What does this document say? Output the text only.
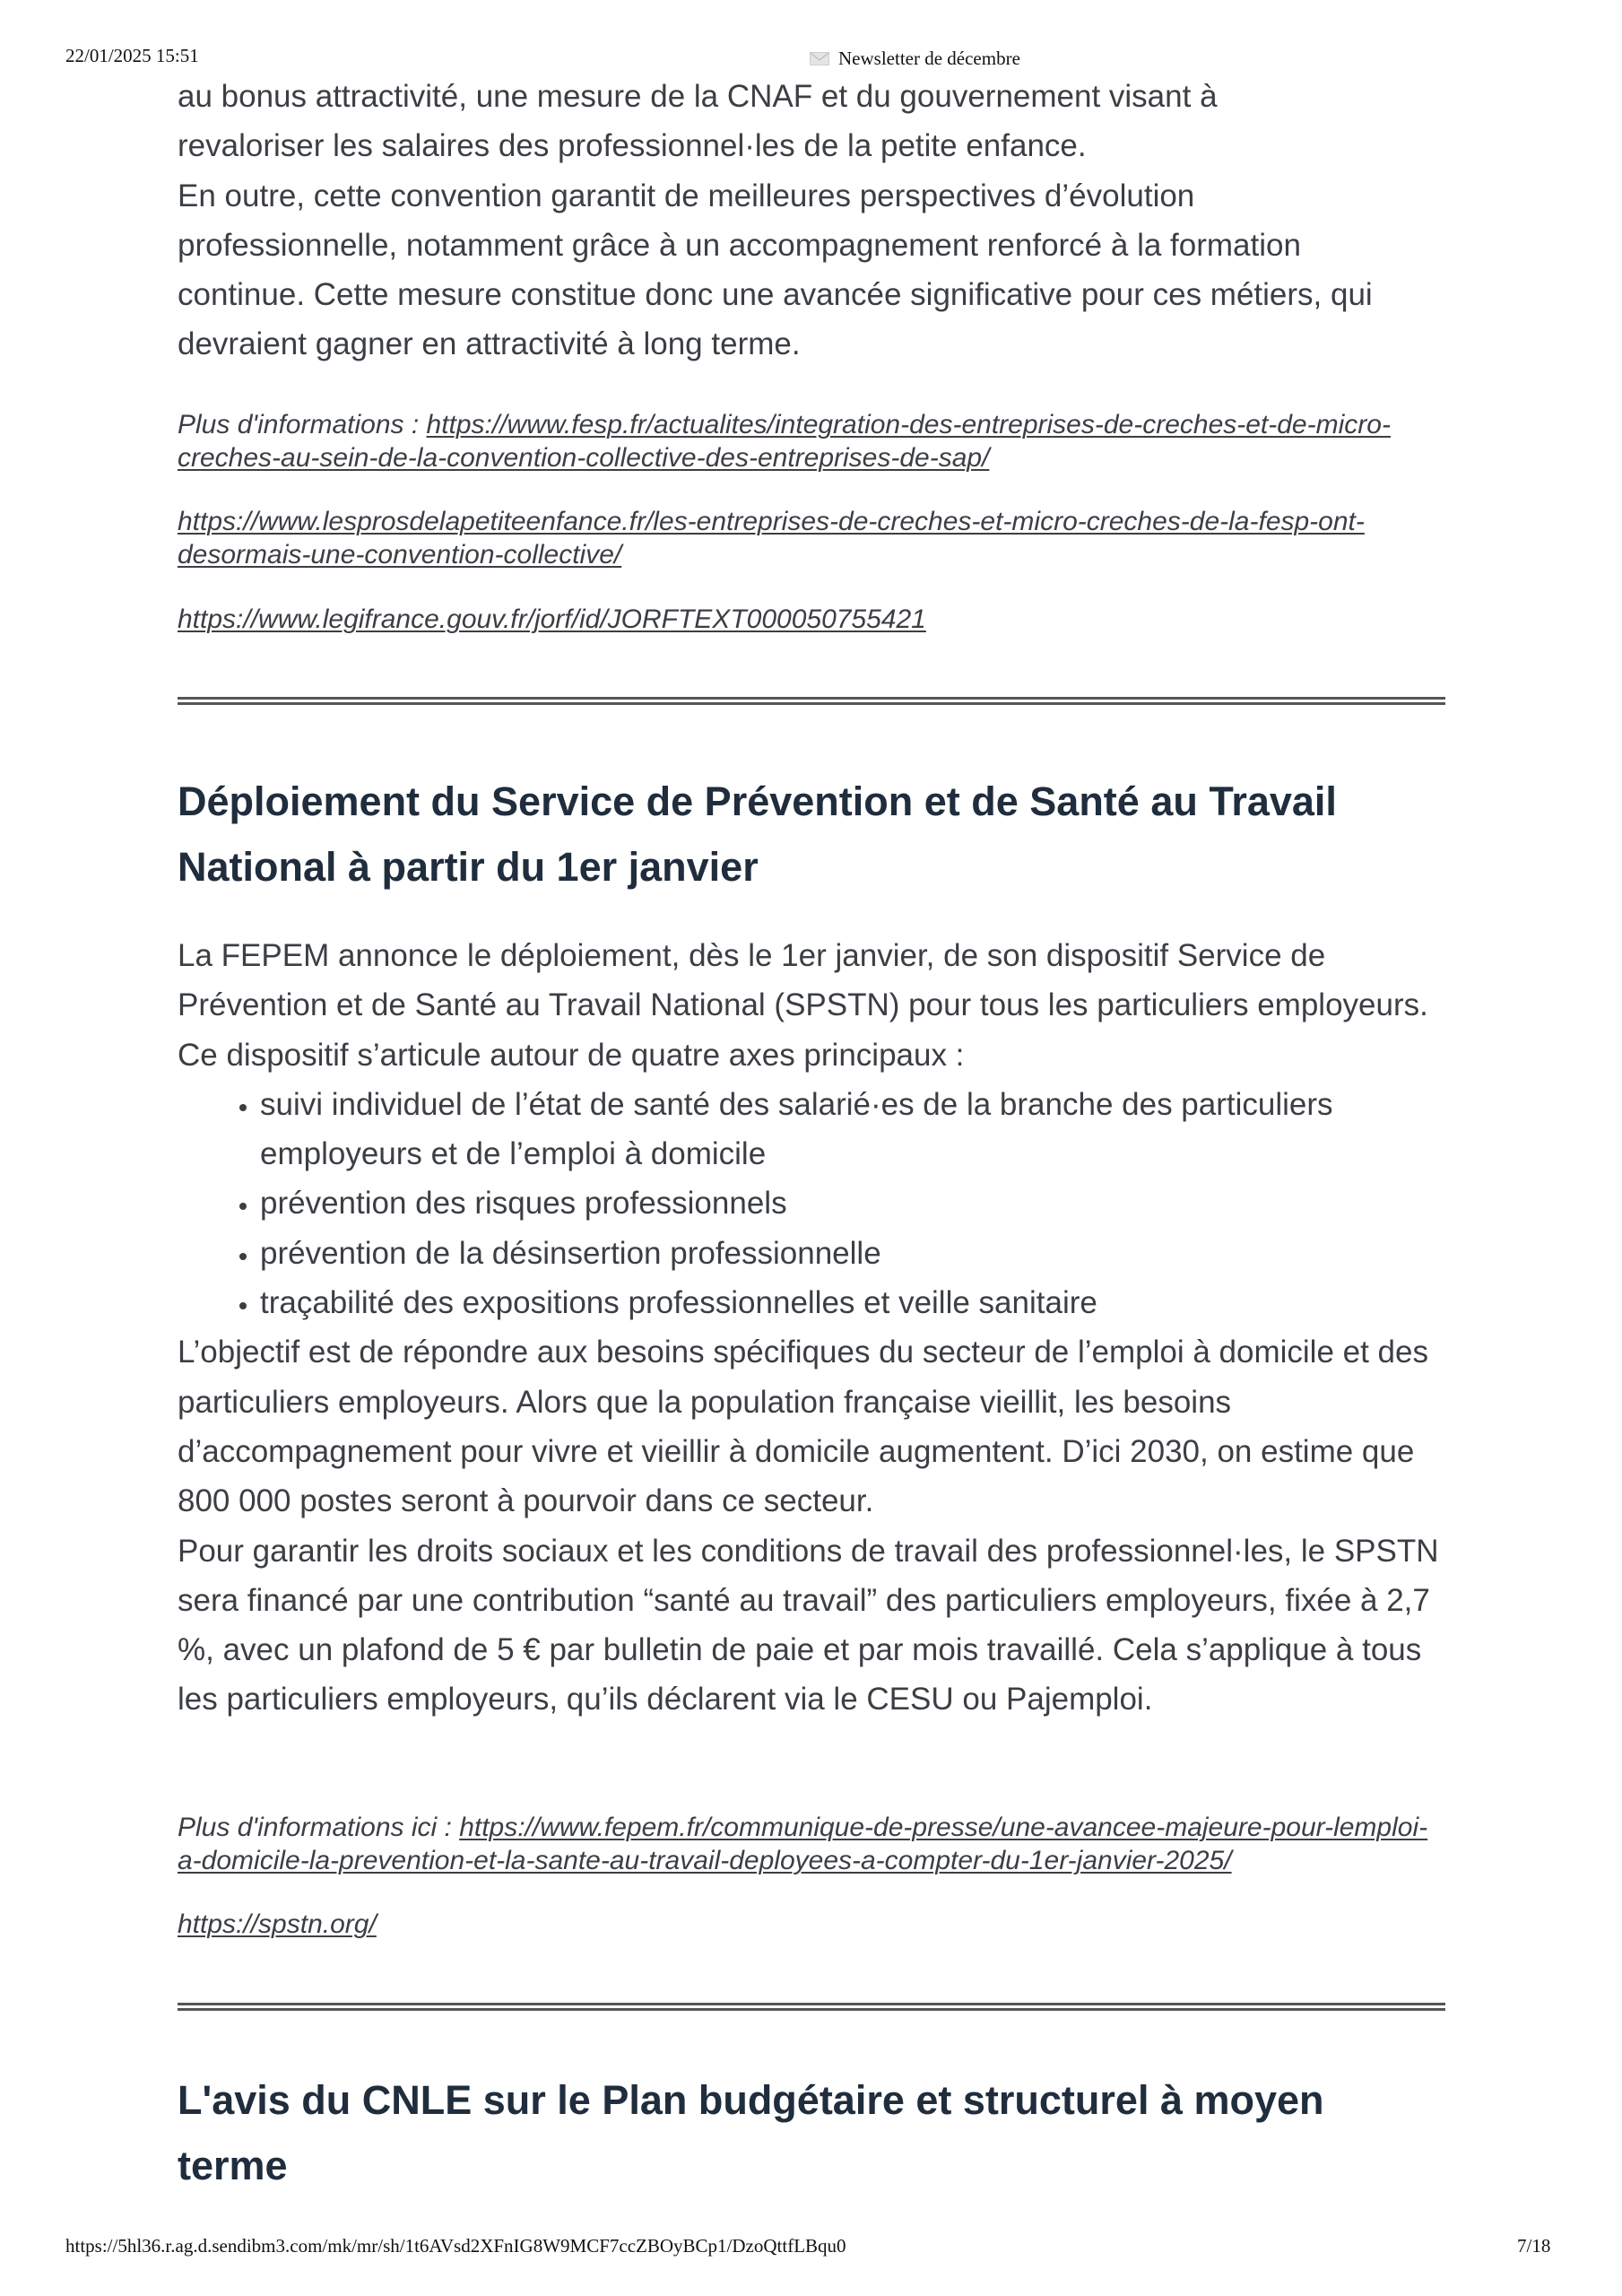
22/01/2025 15:51	Newsletter de décembre

au bonus attractivité, une mesure de la CNAF et du gouvernement visant à

revaloriser les salaires des professionnel·les de la petite enfance.

En outre, cette convention garantit de meilleures perspectives d’évolution professionnelle, notamment grâce à un accompagnement renforcé à la formation continue. Cette mesure constitue donc une avancée significative pour ces métiers, qui devraient gagner en attractivité à long terme.

Plus d'informations : https://www.fesp.fr/actualites/integration-des-entreprises-de-creches-et-de-micro-creches-au-sein-de-la-convention-collective-des-entreprises-de-sap/

https://www.lesprosdelapetiteenfance.fr/les-entreprises-de-creches-et-micro-creches-de-la-fesp-ont-desormais-une-convention-collective/

https://www.legifrance.gouv.fr/jorf/id/JORFTEXT000050755421

Déploiement du Service de Prévention et de Santé au Travail National à partir du 1er janvier

La FEPEM annonce le déploiement, dès le 1er janvier, de son dispositif Service de Prévention et de Santé au Travail National (SPSTN) pour tous les particuliers employeurs. Ce dispositif s’articule autour de quatre axes principaux :

• suivi individuel de l’état de santé des salarié·es de la branche des particuliers employeurs et de l’emploi à domicile
• prévention des risques professionnels
• prévention de la désinsertion professionnelle
• traçabilité des expositions professionnelles et veille sanitaire

L’objectif est de répondre aux besoins spécifiques du secteur de l’emploi à domicile et des particuliers employeurs. Alors que la population française vieillit, les besoins d’accompagnement pour vivre et vieillir à domicile augmentent. D’ici 2030, on estime que 800 000 postes seront à pourvoir dans ce secteur.

Pour garantir les droits sociaux et les conditions de travail des professionnel·les, le SPSTN sera financé par une contribution “santé au travail” des particuliers employeurs, fixée à 2,7 %, avec un plafond de 5 € par bulletin de paie et par mois travaillé. Cela s’applique à tous les particuliers employeurs, qu’ils déclarent via le CESU ou Pajemploi.

Plus d'informations ici : https://www.fepem.fr/communique-de-presse/une-avancee-majeure-pour-lemploi-a-domicile-la-prevention-et-la-sante-au-travail-deployees-a-compter-du-1er-janvier-2025/

https://spstn.org/

L'avis du CNLE sur le Plan budgétaire et structurel à moyen terme
https://5hl36.r.ag.d.sendibm3.com/mk/mr/sh/1t6AVsd2XFnIG8W9MCF7ccZBOyBCp1/DzoQttfLBqu0	7/18
